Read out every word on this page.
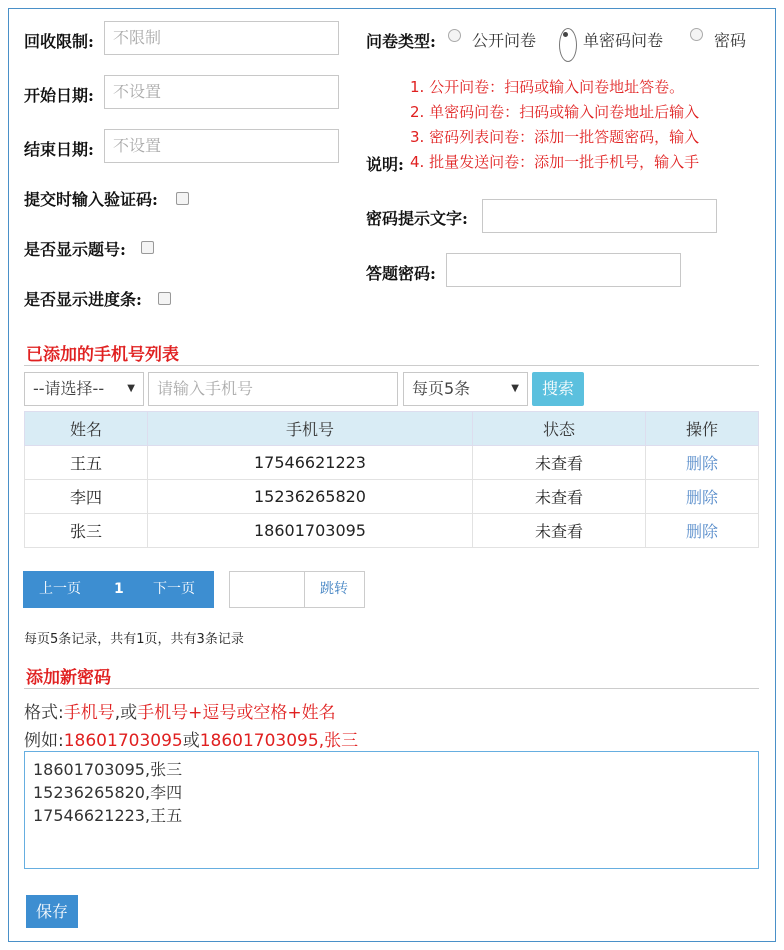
回收限制:	不限制
开始日期:	不设置
结束日期:	不设置
提交时输入验证码:
是否显示题号:
是否显示进度条:
问卷类型: 公开问卷	单密码问卷	密码
1. 公开问卷：扫码或输入问卷地址答卷。
2. 单密码问卷：扫码或输入问卷地址后输入
3. 密码列表问卷：添加一批答题密码，输入
4. 批量发送问卷：添加一批手机号，输入手
说明:
密码提示文字:
答题密码:
已添加的手机号列表
--请选择-- ▼	请输入手机号	每页5条	▼	搜索
姓名	手机号	状态	操作
王五	17546621223	未查看	删除
李四	15236265820	未查看	删除
张三	18601703095	未查看	删除
上一页 1 下一页	跳转
每页5条记录，共有1页，共有3条记录
添加新密码
格式:手机号,或手机号+逗号或空格+姓名
例如:18601703095或18601703095,张三
18601703095,张三 15236265820,李四 17546621223,王五
保存
